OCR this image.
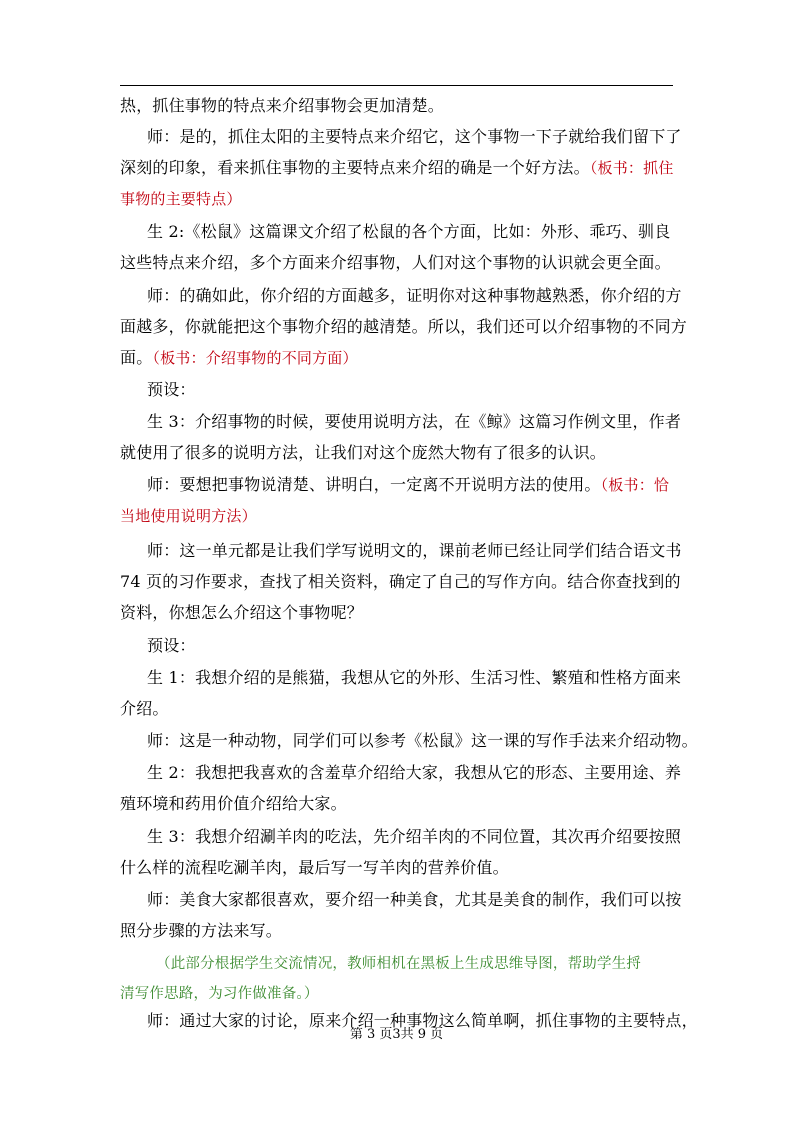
热，抓住事物的特点来介绍事物会更加清楚。
师：是的，抓住太阳的主要特点来介绍它，这个事物一下子就给我们留下了
深刻的印象，看来抓住事物的主要特点来介绍的确是一个好方法。（板书：抓住
事物的主要特点）
生 2:《松鼠》这篇课文介绍了松鼠的各个方面，比如：外形、乖巧、驯良
这些特点来介绍，多个方面来介绍事物，人们对这个事物的认识就会更全面。
师：的确如此，你介绍的方面越多，证明你对这种事物越熟悉，你介绍的方
面越多，你就能把这个事物介绍的越清楚。所以，我们还可以介绍事物的不同方
面。（板书：介绍事物的不同方面）
预设：
生 3：介绍事物的时候，要使用说明方法，在《鲸》这篇习作例文里，作者
就使用了很多的说明方法，让我们对这个庞然大物有了很多的认识。
师：要想把事物说清楚、讲明白，一定离不开说明方法的使用。（板书：恰
当地使用说明方法）
师：这一单元都是让我们学写说明文的，课前老师已经让同学们结合语文书
74 页的习作要求，查找了相关资料，确定了自己的写作方向。结合你查找到的
资料，你想怎么介绍这个事物呢？
预设：
生 1：我想介绍的是熊猫，我想从它的外形、生活习性、繁殖和性格方面来
介绍。
师：这是一种动物，同学们可以参考《松鼠》这一课的写作手法来介绍动物。
生 2：我想把我喜欢的含羞草介绍给大家，我想从它的形态、主要用途、养
殖环境和药用价值介绍给大家。
生 3：我想介绍涮羊肉的吃法，先介绍羊肉的不同位置，其次再介绍要按照
什么样的流程吃涮羊肉，最后写一写羊肉的营养价值。
师：美食大家都很喜欢，要介绍一种美食，尤其是美食的制作，我们可以按
照分步骤的方法来写。
（此部分根据学生交流情况，教师相机在黑板上生成思维导图，帮助学生捋
清写作思路，为习作做准备。）
师：通过大家的讨论，原来介绍一种事物这么简单啊，抓住事物的主要特点，
第 3 页3共 9 页
